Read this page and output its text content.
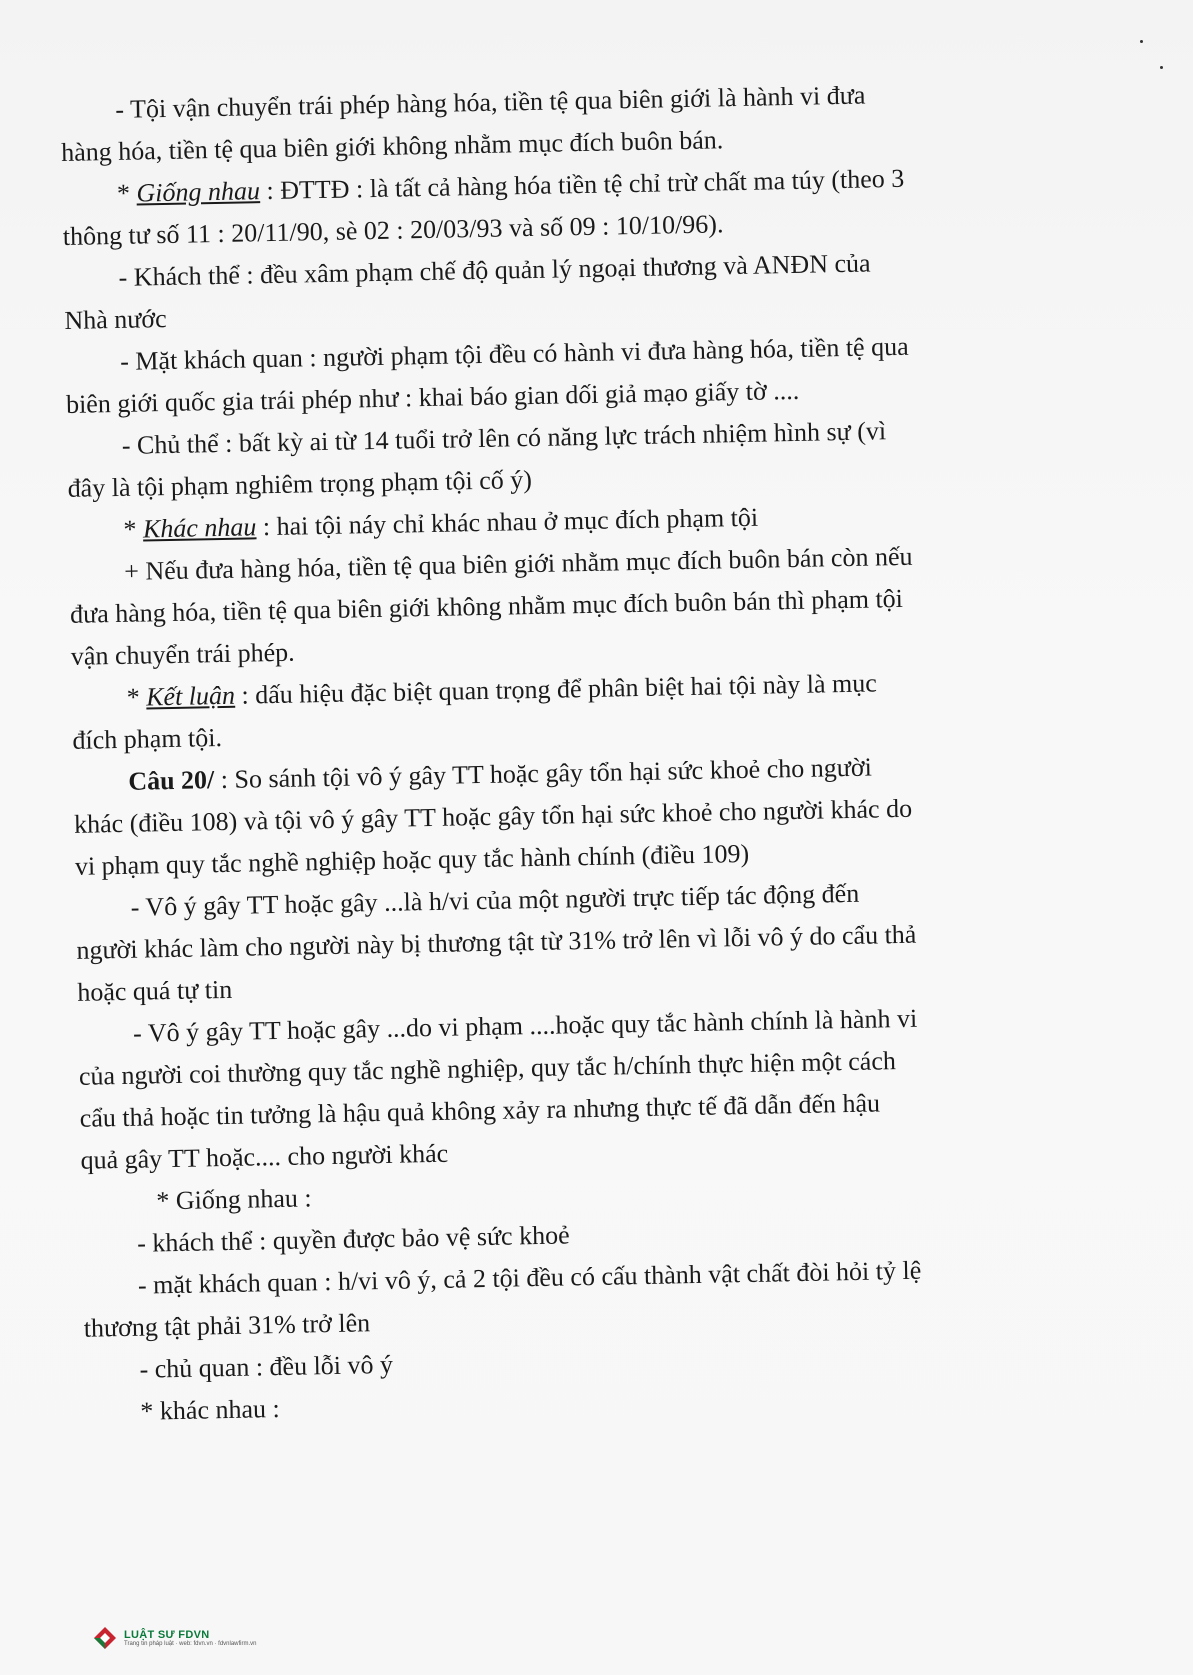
- Tội vận chuyển trái phép hàng hóa, tiền tệ qua biên giới là hành vi đưa
hàng hóa, tiền tệ qua biên giới không nhằm mục đích buôn bán.
* Giống nhau : ĐTTĐ : là tất cả hàng hóa tiền tệ chỉ trừ chất ma túy (theo 3
thông tư số 11 : 20/11/90, sè 02 : 20/03/93 và số 09 : 10/10/96).
- Khách thể : đều xâm phạm chế độ quản lý ngoại thương và ANĐN của
Nhà nước
- Mặt khách quan : người phạm tội đều có hành vi đưa hàng hóa, tiền tệ qua
biên giới quốc gia trái phép như : khai báo gian dối giả mạo giấy tờ ....
- Chủ thể : bất kỳ ai từ 14 tuổi trở lên có năng lực trách nhiệm hình sự (vì
đây là tội phạm nghiêm trọng phạm tội cố ý)
* Khác nhau : hai tội náy chỉ khác nhau ở mục đích phạm tội
+ Nếu đưa hàng hóa, tiền tệ qua biên giới nhằm mục đích buôn bán còn nếu
đưa hàng hóa, tiền tệ qua biên giới không nhằm mục đích buôn bán thì phạm tội
vận chuyển trái phép.
* Kết luận : dấu hiệu đặc biệt quan trọng để phân biệt hai tội này là mục
đích phạm tội.
Câu 20/ : So sánh tội vô ý gây TT hoặc gây tổn hại sức khoẻ cho người
khác (điều 108) và tội vô ý gây TT hoặc gây tổn hại sức khoẻ cho người khác do
vi phạm quy tắc nghề nghiệp hoặc quy tắc hành chính (điều 109)
- Vô ý gây TT hoặc gây ...là h/vi của một người trực tiếp tác động đến
người khác làm cho người này bị thương tật từ 31% trở lên vì lỗi vô ý do cẩu thả
hoặc quá tự tin
- Vô ý gây TT hoặc gây ...do vi phạm ....hoặc quy tắc hành chính là hành vi
của người coi thường quy tắc nghề nghiệp, quy tắc h/chính thực hiện một cách
cẩu thả hoặc tin tưởng là hậu quả không xảy ra nhưng thực tế đã dẫn đến hậu
quả gây TT hoặc.... cho người khác
* Giống nhau :
- khách thể : quyền được bảo vệ sức khoẻ
- mặt khách quan : h/vi vô ý, cả 2 tội đều có cấu thành vật chất đòi hỏi tỷ lệ
thương tật phải 31% trở lên
- chủ quan : đều lỗi vô ý
* khác nhau :
LUẬT SƯ FDVN
Trang tin pháp luật · web: fdvn.vn · fdvnlawfirm.vn
